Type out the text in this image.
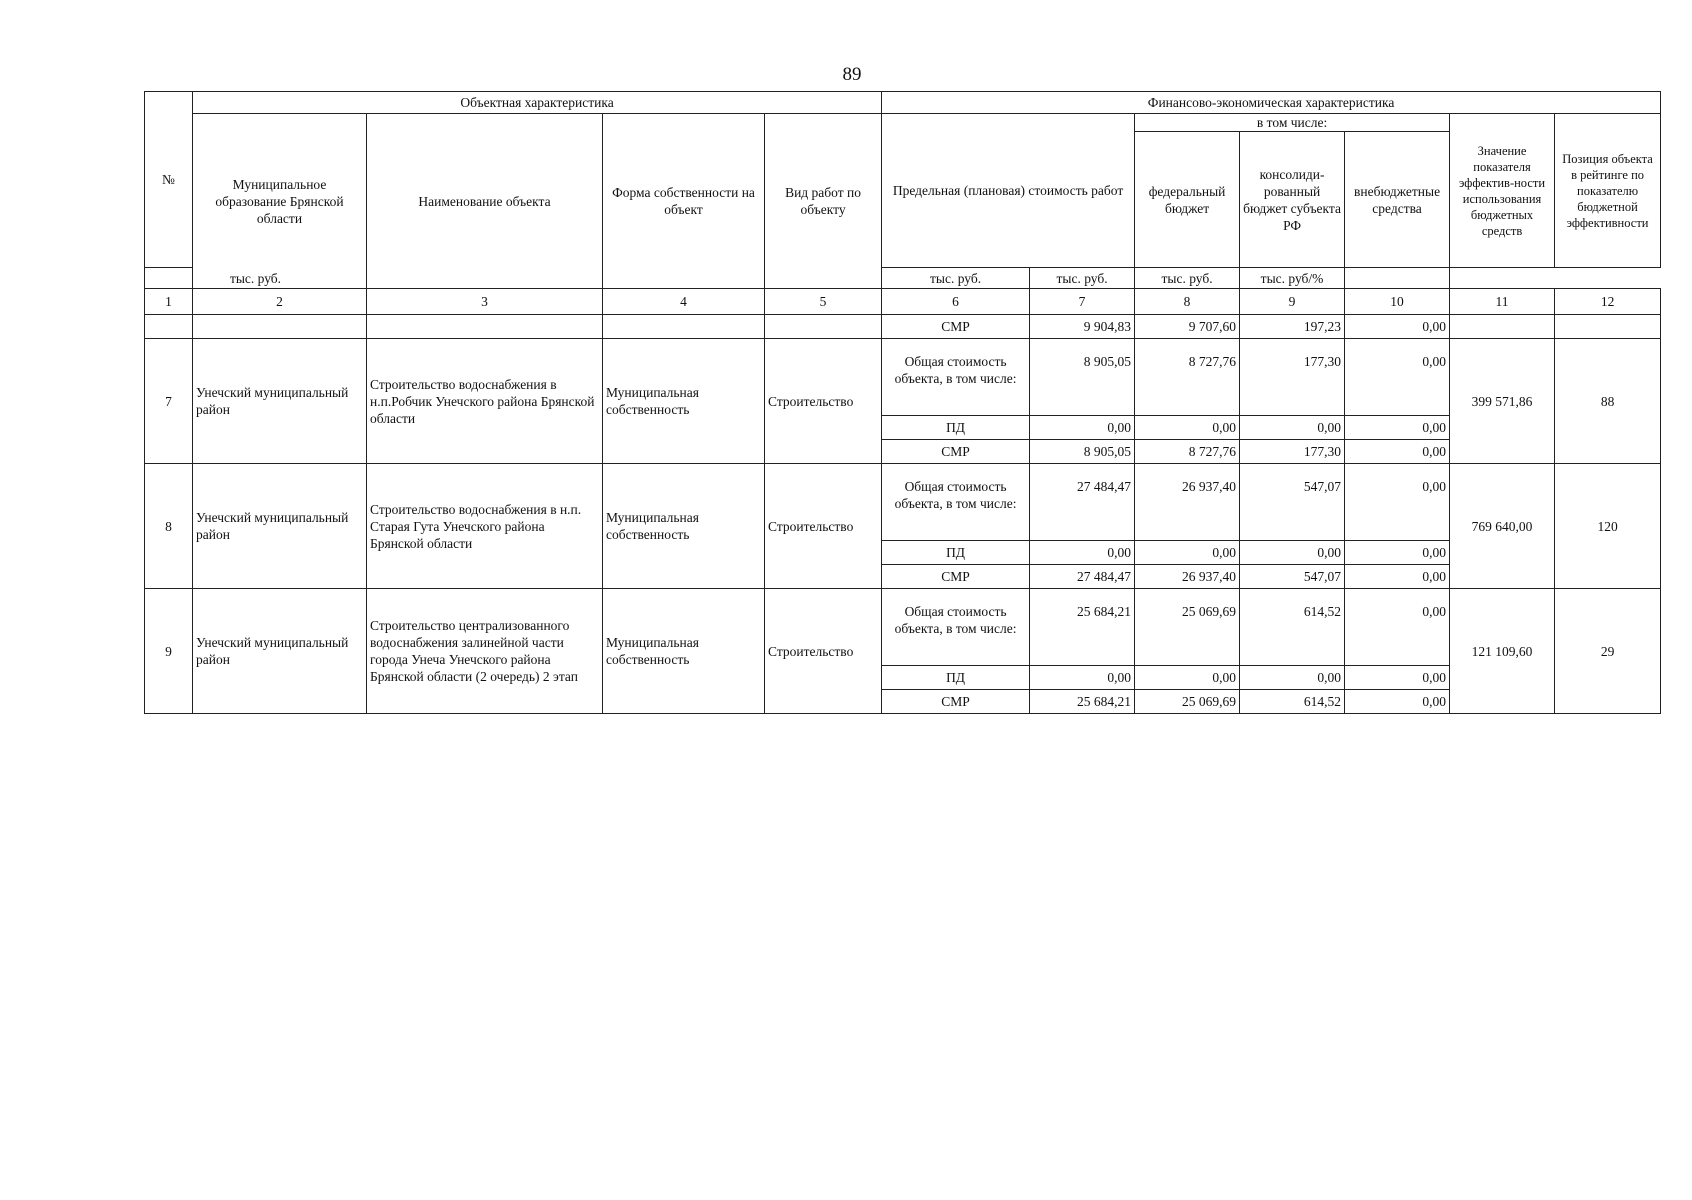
89
№	Объектная характеристика				Финансово-экономическая характеристика						
	Муниципальное образование Брянской области	Наименование объекта	Форма собственности на объект	Вид работ по объекту	Предельная (плановая) стоимость работ		в том числе:			Значение показателя эффектив-ности использования бюджетных средств	Позиция объекта в рейтинге по показателю бюджетной эффективности
							федеральный бюджет	консолиди-рованный бюджет субъекта РФ	внебюджетные средства		
тыс. руб.					тыс. руб.	тыс. руб.	тыс. руб.	тыс. руб/%			
1	2	3	4	5	6	7	8	9	10	11	12
					СМР	9 904,83	9 707,60	197,23	0,00		
7	Унечский муниципальный район	Строительство водоснабжения в н.п.Робчик Унечского района Брянской области	Муниципальная собственность	Строительство	Общая стоимость объекта, в том числе:	8 905,05	8 727,76	177,30	0,00	399 571,86	88
					ПД	0,00	0,00	0,00	0,00		
					СМР	8 905,05	8 727,76	177,30	0,00		
8	Унечский муниципальный район	Строительство водоснабжения в н.п. Старая Гута Унечского района Брянской области	Муниципальная собственность	Строительство	Общая стоимость объекта, в том числе:	27 484,47	26 937,40	547,07	0,00	769 640,00	120
					ПД	0,00	0,00	0,00	0,00		
					СМР	27 484,47	26 937,40	547,07	0,00		
9	Унечский муниципальный район	Строительство централизованного водоснабжения залинейной части города Унеча Унечского района Брянской области (2 очередь) 2 этап	Муниципальная собственность	Строительство	Общая стоимость объекта, в том числе:	25 684,21	25 069,69	614,52	0,00	121 109,60	29
					ПД	0,00	0,00	0,00	0,00		
					СМР	25 684,21	25 069,69	614,52	0,00		
